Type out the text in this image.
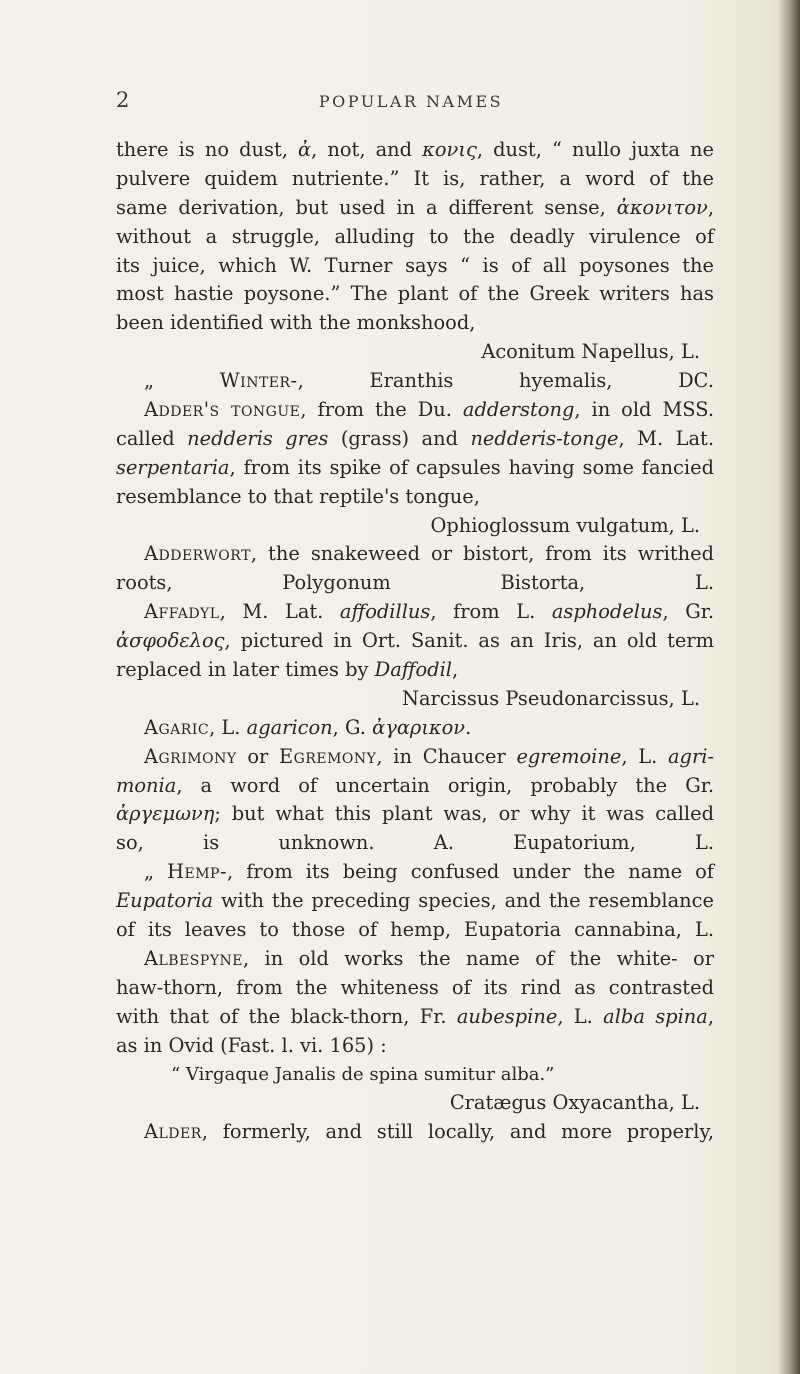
2	POPULAR NAMES
there is no dust, ἀ, not, and κονις, dust, “ nullo juxta ne
pulvere quidem nutriente.” It is, rather, a word of the
same derivation, but used in a different sense, ἀκονιτον,
without a struggle, alluding to the deadly virulence of
its juice, which W. Turner says “ is of all poysones the
most hastie poysone.” The plant of the Greek writers has
been identified with the monkshood,
Aconitum Napellus, L.
„ Winter-, Eranthis hyemalis, DC.
Adder's tongue, from the Du. adderstong, in old MSS.
called nedderis gres (grass) and nedderis-tonge, M. Lat.
serpentaria, from its spike of capsules having some fancied
resemblance to that reptile's tongue,
Ophioglossum vulgatum, L.
Adderwort, the snakeweed or bistort, from its writhed
roots, Polygonum Bistorta, L.
Affadyl, M. Lat. affodillus, from L. asphodelus, Gr.
ἀσφοδελος, pictured in Ort. Sanit. as an Iris, an old term
replaced in later times by Daffodil,
Narcissus Pseudonarcissus, L.
Agaric, L. agaricon, G. ἀγαρικον.
Agrimony or Egremony, in Chaucer egremoine, L. agri-
monia, a word of uncertain origin, probably the Gr.
ἀργεμωνη; but what this plant was, or why it was called
so, is unknown. A. Eupatorium, L.
„ Hemp-, from its being confused under the name of
Eupatoria with the preceding species, and the resemblance
of its leaves to those of hemp, Eupatoria cannabina, L.
Albespyne, in old works the name of the white- or
haw-thorn, from the whiteness of its rind as contrasted
with that of the black-thorn, Fr. aubespine, L. alba spina,
as in Ovid (Fast. l. vi. 165) :
“ Virgaque Janalis de spina sumitur alba.”
Cratægus Oxyacantha, L.
Alder, formerly, and still locally, and more properly,
